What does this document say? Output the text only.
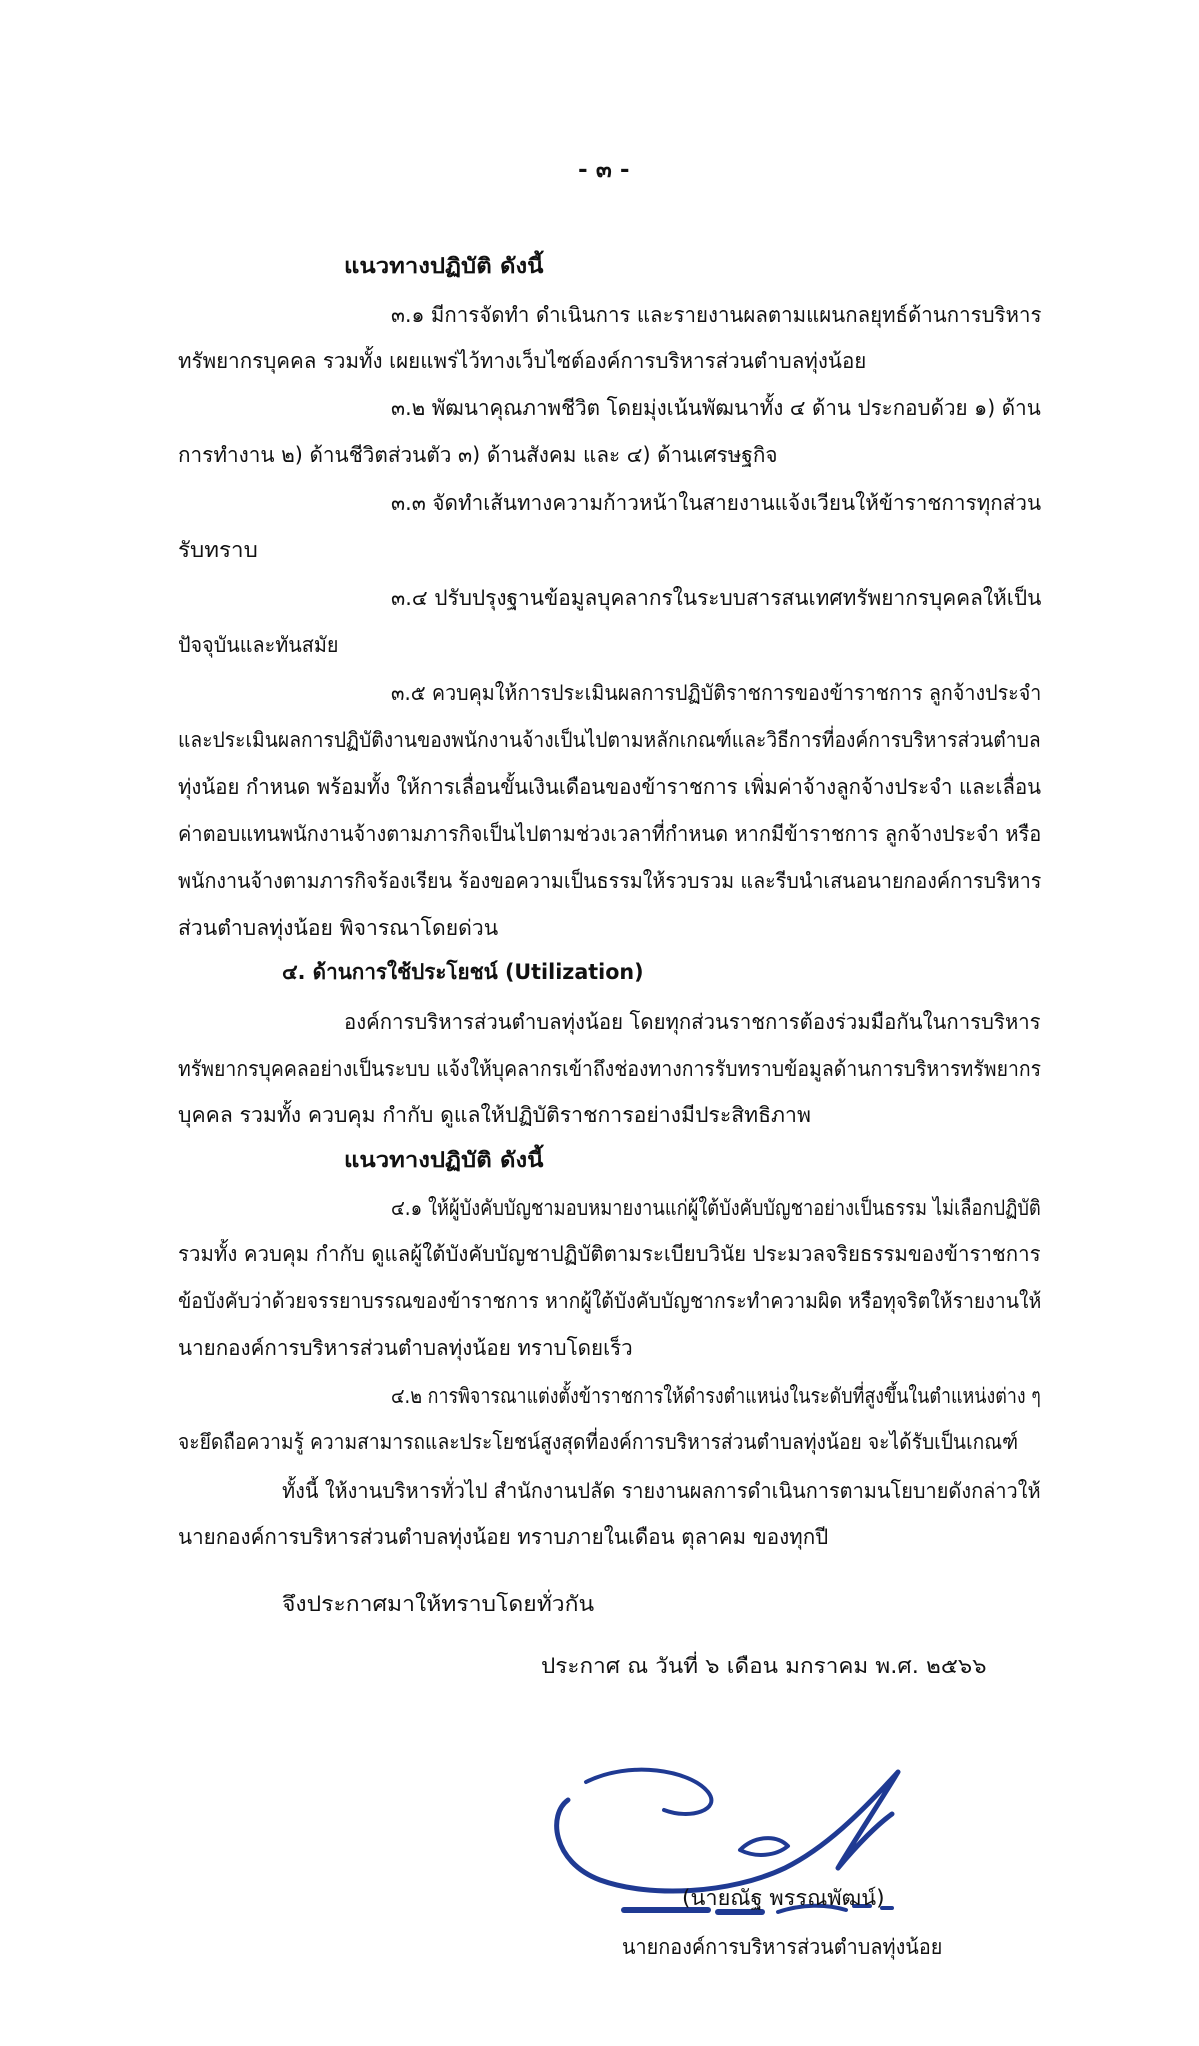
- ๓ -
แนวทางปฏิบัติ ดังนี้
๓.๑ มีการจัดทำ ดำเนินการ และรายงานผลตามแผนกลยุทธ์ด้านการบริหาร
ทรัพยากรบุคคล รวมทั้ง เผยแพร่ไว้ทางเว็บไซต์องค์การบริหารส่วนตำบลทุ่งน้อย
๓.๒ พัฒนาคุณภาพชีวิต โดยมุ่งเน้นพัฒนาทั้ง ๔ ด้าน ประกอบด้วย ๑) ด้าน
การทำงาน ๒) ด้านชีวิตส่วนตัว ๓) ด้านสังคม และ ๔) ด้านเศรษฐกิจ
๓.๓ จัดทำเส้นทางความก้าวหน้าในสายงานแจ้งเวียนให้ข้าราชการทุกส่วน
รับทราบ
๓.๔ ปรับปรุงฐานข้อมูลบุคลากรในระบบสารสนเทศทรัพยากรบุคคลให้เป็น
ปัจจุบันและทันสมัย
๓.๕ ควบคุมให้การประเมินผลการปฏิบัติราชการของข้าราชการ ลูกจ้างประจำ
และประเมินผลการปฏิบัติงานของพนักงานจ้างเป็นไปตามหลักเกณฑ์และวิธีการที่องค์การบริหารส่วนตำบล
ทุ่งน้อย กำหนด พร้อมทั้ง ให้การเลื่อนขั้นเงินเดือนของข้าราชการ เพิ่มค่าจ้างลูกจ้างประจำ และเลื่อน
ค่าตอบแทนพนักงานจ้างตามภารกิจเป็นไปตามช่วงเวลาที่กำหนด หากมีข้าราชการ ลูกจ้างประจำ หรือ
พนักงานจ้างตามภารกิจร้องเรียน ร้องขอความเป็นธรรมให้รวบรวม และรีบนำเสนอนายกองค์การบริหาร
ส่วนตำบลทุ่งน้อย พิจารณาโดยด่วน
๔. ด้านการใช้ประโยชน์ (Utilization)
องค์การบริหารส่วนตำบลทุ่งน้อย โดยทุกส่วนราชการต้องร่วมมือกันในการบริหาร
ทรัพยากรบุคคลอย่างเป็นระบบ แจ้งให้บุคลากรเข้าถึงช่องทางการรับทราบข้อมูลด้านการบริหารทรัพยากร
บุคคล รวมทั้ง ควบคุม กำกับ ดูแลให้ปฏิบัติราชการอย่างมีประสิทธิภาพ
แนวทางปฏิบัติ ดังนี้
๔.๑ ให้ผู้บังคับบัญชามอบหมายงานแก่ผู้ใต้บังคับบัญชาอย่างเป็นธรรม ไม่เลือกปฏิบัติ
รวมทั้ง ควบคุม กำกับ ดูแลผู้ใต้บังคับบัญชาปฏิบัติตามระเบียบวินัย ประมวลจริยธรรมของข้าราชการ
ข้อบังคับว่าด้วยจรรยาบรรณของข้าราชการ หากผู้ใต้บังคับบัญชากระทำความผิด หรือทุจริตให้รายงานให้
นายกองค์การบริหารส่วนตำบลทุ่งน้อย ทราบโดยเร็ว
๔.๒ การพิจารณาแต่งตั้งข้าราชการให้ดำรงตำแหน่งในระดับที่สูงขึ้นในตำแหน่งต่าง ๆ
จะยึดถือความรู้ ความสามารถและประโยชน์สูงสุดที่องค์การบริหารส่วนตำบลทุ่งน้อย จะได้รับเป็นเกณฑ์
ทั้งนี้ ให้งานบริหารทั่วไป สำนักงานปลัด รายงานผลการดำเนินการตามนโยบายดังกล่าวให้
นายกองค์การบริหารส่วนตำบลทุ่งน้อย ทราบภายในเดือน ตุลาคม ของทุกปี
จึงประกาศมาให้ทราบโดยทั่วกัน
ประกาศ ณ วันที่ ๖ เดือน มกราคม พ.ศ. ๒๕๖๖
(นายณัฐ พรรณพัฒน์)
นายกองค์การบริหารส่วนตำบลทุ่งน้อย
